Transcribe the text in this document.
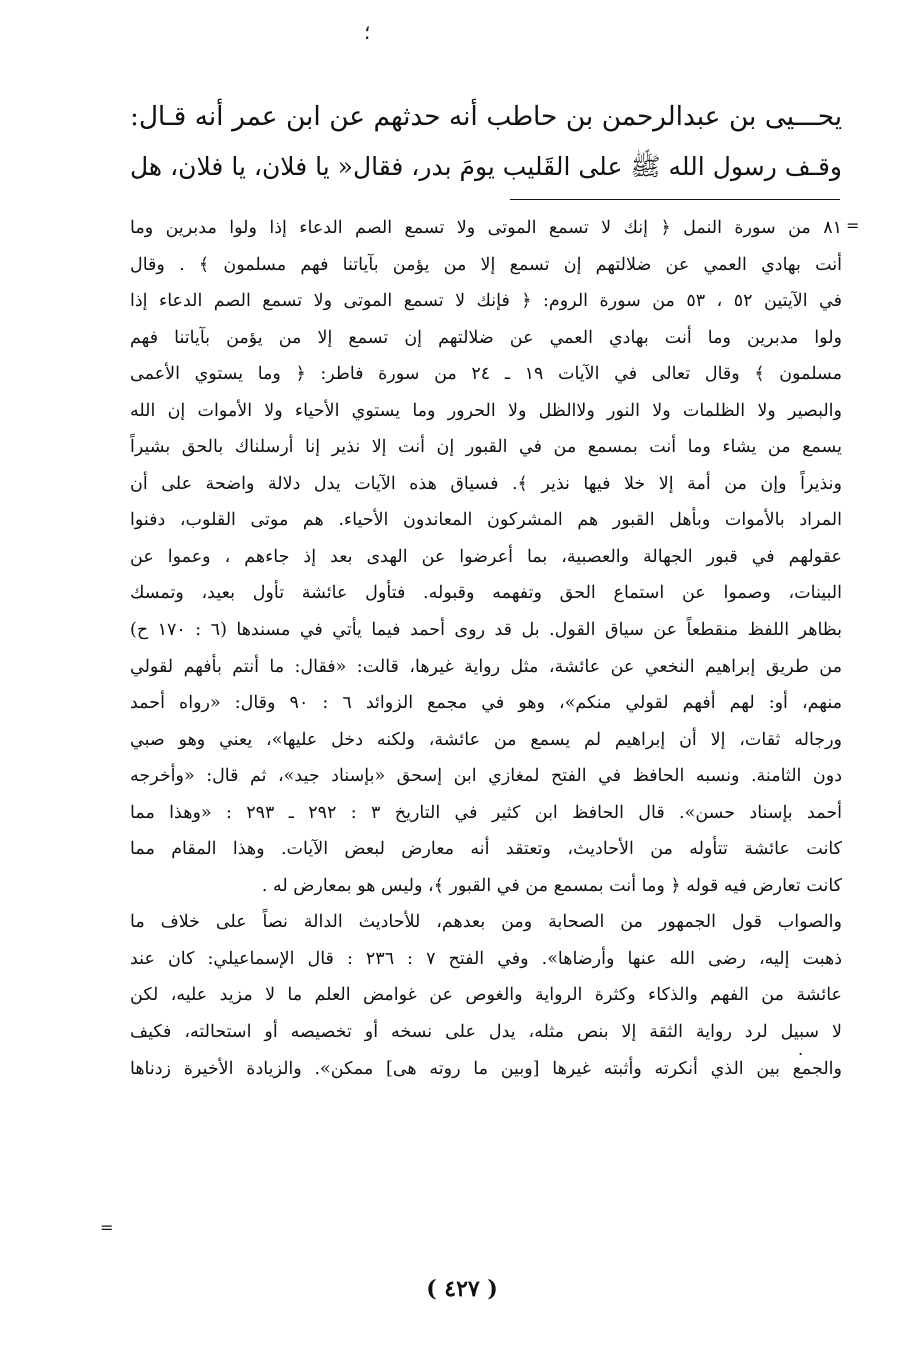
؛
يحـــيى بن عبدالرحمن بن حاطب أنه حدثهم عن ابن عمر أنه قـال:
وقـف رسول الله ﷺ على القَليب يومَ بدر، فقال« يا فلان، يا فلان، هل
٨١ من سورة النمل ﴿ إنك لا تسمع الموتى ولا تسمع الصم الدعاء إذا ولوا مدبرين وما
أنت بهادي العمي عن ضلالتهم إن تسمع إلا من يؤمن بآياتنا فهم مسلمون ﴾ . وقال
في الآيتين ٥٢ ، ٥٣ من سورة الروم: ﴿ فإنك لا تسمع الموتى ولا تسمع الصم الدعاء إذا
ولوا مدبرين وما أنت بهادي العمي عن ضلالتهم إن تسمع إلا من يؤمن بآياتنا فهم
مسلمون ﴾ وقال تعالى في الآيات ١٩ ـ ٢٤ من سورة فاطر: ﴿ وما يستوي الأعمى
والبصير ولا الظلمات ولا النور ولاالظل ولا الحرور وما يستوي الأحياء ولا الأموات إن الله
يسمع من يشاء وما أنت بمسمع من في القبور إن أنت إلا نذير إنا أرسلناك بالحق بشيراً
ونذيراً وإن من أمة إلا خلا فيها نذير ﴾. فسياق هذه الآيات يدل دلالة واضحة على أن
المراد بالأموات وبأهل القبور هم المشركون المعاندون الأحياء. هم موتى القلوب، دفنوا
عقولهم في قبور الجهالة والعصبية، بما أعرضوا عن الهدى بعد إذ جاءهم ، وعموا عن
البينات، وصموا عن استماع الحق وتفهمه وقبوله. فتأول عائشة تأول بعيد، وتمسك
بظاهر اللفظ منقطعاً عن سياق القول. بل قد روى أحمد فيما يأتي في مسندها (٦ : ١٧٠ ح)
من طريق إبراهيم النخعي عن عائشة، مثل رواية غيرها، قالت: «فقال: ما أنتم بأفهم لقولي
منهم، أو: لهم أفهم لقولي منكم»، وهو في مجمع الزوائد ٦ : ٩٠ وقال: «رواه أحمد
ورجاله ثقات، إلا أن إبراهيم لم يسمع من عائشة، ولكنه دخل عليها»، يعني وهو صبي
دون الثامنة. ونسبه الحافظ في الفتح لمغازي ابن إسحق «بإسناد جيد»، ثم قال: «وأخرجه
أحمد بإسناد حسن». قال الحافظ ابن كثير في التاريخ ٣ : ٢٩٢ ـ ٢٩٣ : «وهذا مما
كانت عائشة تتأوله من الأحاديث، وتعتقد أنه معارض لبعض الآيات. وهذا المقام مما
كانت تعارض فيه قوله ﴿ وما أنت بمسمع من في القبور ﴾، وليس هو بمعارض له .
والصواب قول الجمهور من الصحابة ومن بعدهم، للأحاديث الدالة نصاً على خلاف ما
ذهبت إليه، رضى الله عنها وأرضاها». وفي الفتح ٧ : ٢٣٦ : قال الإسماعيلي: كان عند
عائشة من الفهم والذكاء وكثرة الرواية والغوص عن غوامض العلم ما لا مزيد عليه، لكن
لا سبيل لرد رواية الثقة إلا بنص مثله، يدل على نسخه أو تخصيصه أو استحالته، فكيف
والجمع بين الذي أنكرته وأثبته غيرها [وبين ما روته هى] ممكن». والزيادة الأخيرة زدناها
=
.
=
( ٤٢٧ )
